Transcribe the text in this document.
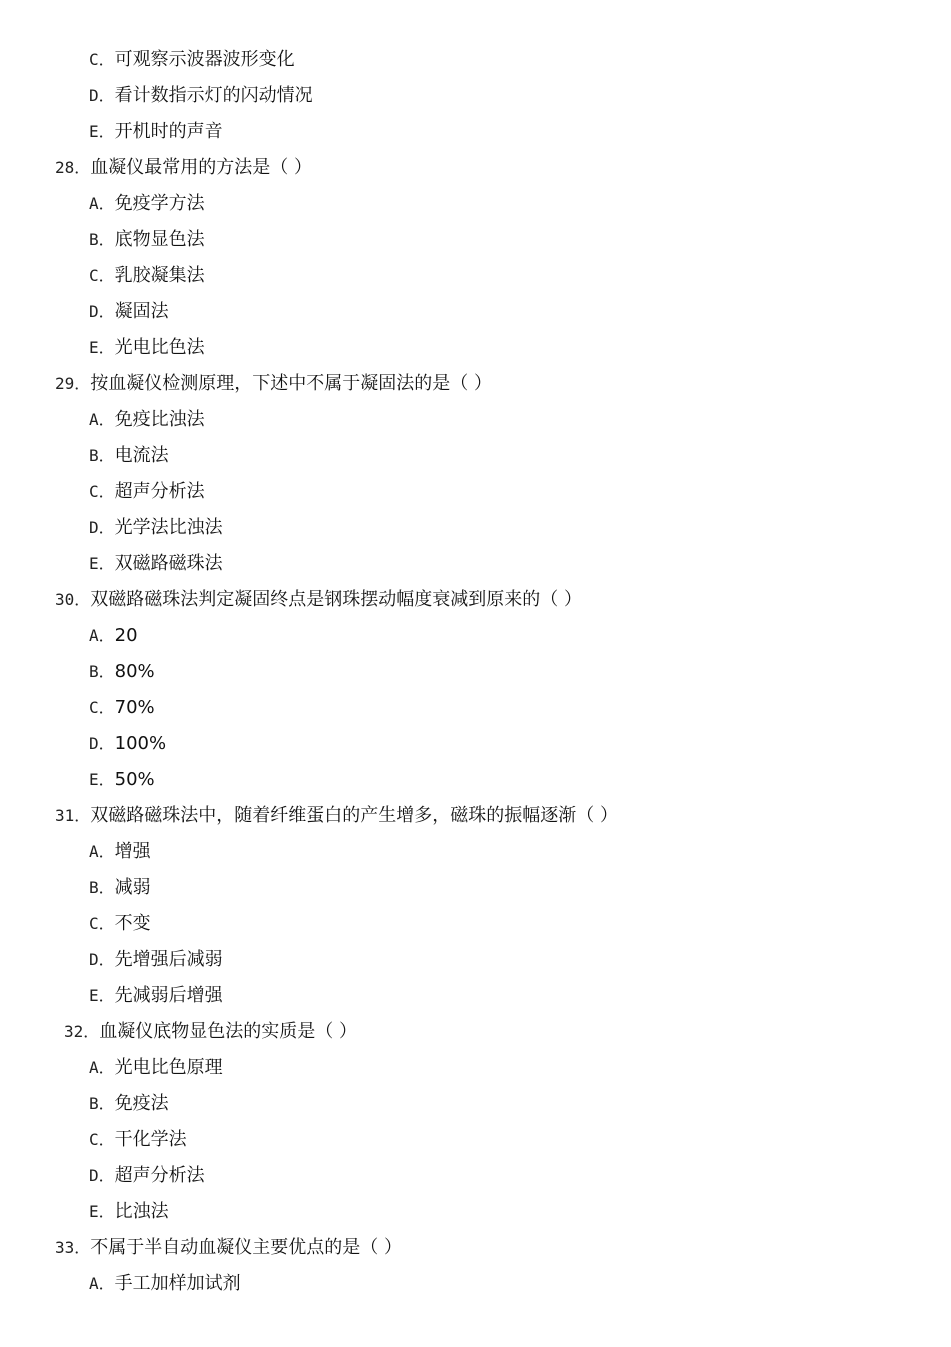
C．可观察示波器波形变化
D．看计数指示灯的闪动情况
E．开机时的声音
28．血凝仪最常用的方法是（ ）
A．免疫学方法
B．底物显色法
C．乳胶凝集法
D．凝固法
E．光电比色法
29．按血凝仪检测原理，下述中不属于凝固法的是（ ）
A．免疫比浊法
B．电流法
C．超声分析法
D．光学法比浊法
E．双磁路磁珠法
30．双磁路磁珠法判定凝固终点是钢珠摆动幅度衰减到原来的（ ）
A．20
B．80%
C．70%
D．100%
E．50%
31．双磁路磁珠法中，随着纤维蛋白的产生增多，磁珠的振幅逐渐（ ）
A．增强
B．减弱
C．不变
D．先增强后减弱
E．先减弱后增强
32．血凝仪底物显色法的实质是（ ）
A．光电比色原理
B．免疫法
C．干化学法
D．超声分析法
E．比浊法
33．不属于半自动血凝仪主要优点的是（ ）
A．手工加样加试剂
